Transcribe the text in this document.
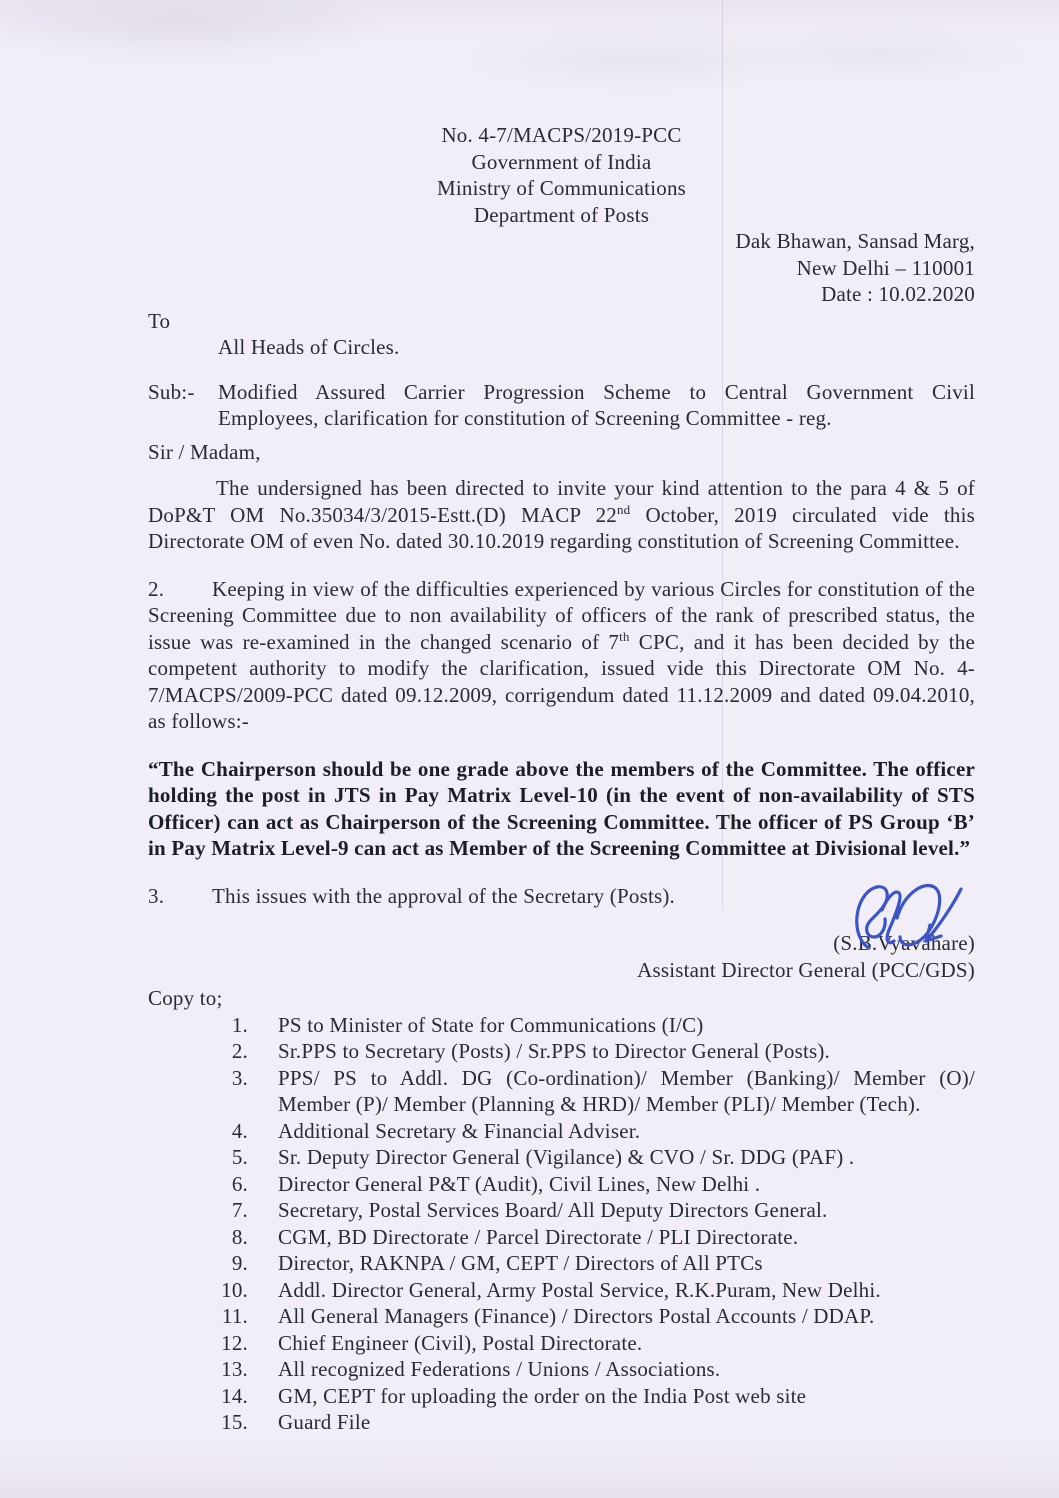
No. 4-7/MACPS/2019-PCC
Government of India
Ministry of Communications
Department of Posts
Dak Bhawan, Sansad Marg,
New Delhi – 110001
Date : 10.02.2020
To
All Heads of Circles.
Sub:-	Modified Assured Carrier Progression Scheme to Central Government Civil Employees, clarification for constitution of Screening Committee - reg.
Sir / Madam,

The undersigned has been directed to invite your kind attention to the para 4 & 5 of DoP&T OM No.35034/3/2015-Estt.(D) MACP 22nd October, 2019 circulated vide this Directorate OM of even No. dated 30.10.2019 regarding constitution of Screening Committee.

2. Keeping in view of the difficulties experienced by various Circles for constitution of the Screening Committee due to non availability of officers of the rank of prescribed status, the issue was re-examined in the changed scenario of 7th CPC, and it has been decided by the competent authority to modify the clarification, issued vide this Directorate OM No. 4-7/MACPS/2009-PCC dated 09.12.2009, corrigendum dated 11.12.2009 and dated 09.04.2010, as follows:-

“The Chairperson should be one grade above the members of the Committee. The officer holding the post in JTS in Pay Matrix Level-10 (in the event of non-availability of STS Officer) can act as Chairperson of the Screening Committee. The officer of PS Group ‘B’ in Pay Matrix Level-9 can act as Member of the Screening Committee at Divisional level.”

3. This issues with the approval of the Secretary (Posts).

(S.B.Vyavahare)
Assistant Director General (PCC/GDS)
Copy to;
1.	PS to Minister of State for Communications (I/C)
2.	Sr.PPS to Secretary (Posts) / Sr.PPS to Director General (Posts).
3.	PPS/ PS to Addl. DG (Co-ordination)/ Member (Banking)/ Member (O)/ Member (P)/ Member (Planning & HRD)/ Member (PLI)/ Member (Tech).
4.	Additional Secretary & Financial Adviser.
5.	Sr. Deputy Director General (Vigilance) & CVO / Sr. DDG (PAF) .
6.	Director General P&T (Audit), Civil Lines, New Delhi .
7.	Secretary, Postal Services Board/ All Deputy Directors General.
8.	CGM, BD Directorate / Parcel Directorate / PLI Directorate.
9.	Director, RAKNPA / GM, CEPT / Directors of All PTCs
10.	Addl. Director General, Army Postal Service, R.K.Puram, New Delhi.
11.	All General Managers (Finance) / Directors Postal Accounts / DDAP.
12.	Chief Engineer (Civil), Postal Directorate.
13.	All recognized Federations / Unions / Associations.
14.	GM, CEPT for uploading the order on the India Post web site
15.	Guard File
